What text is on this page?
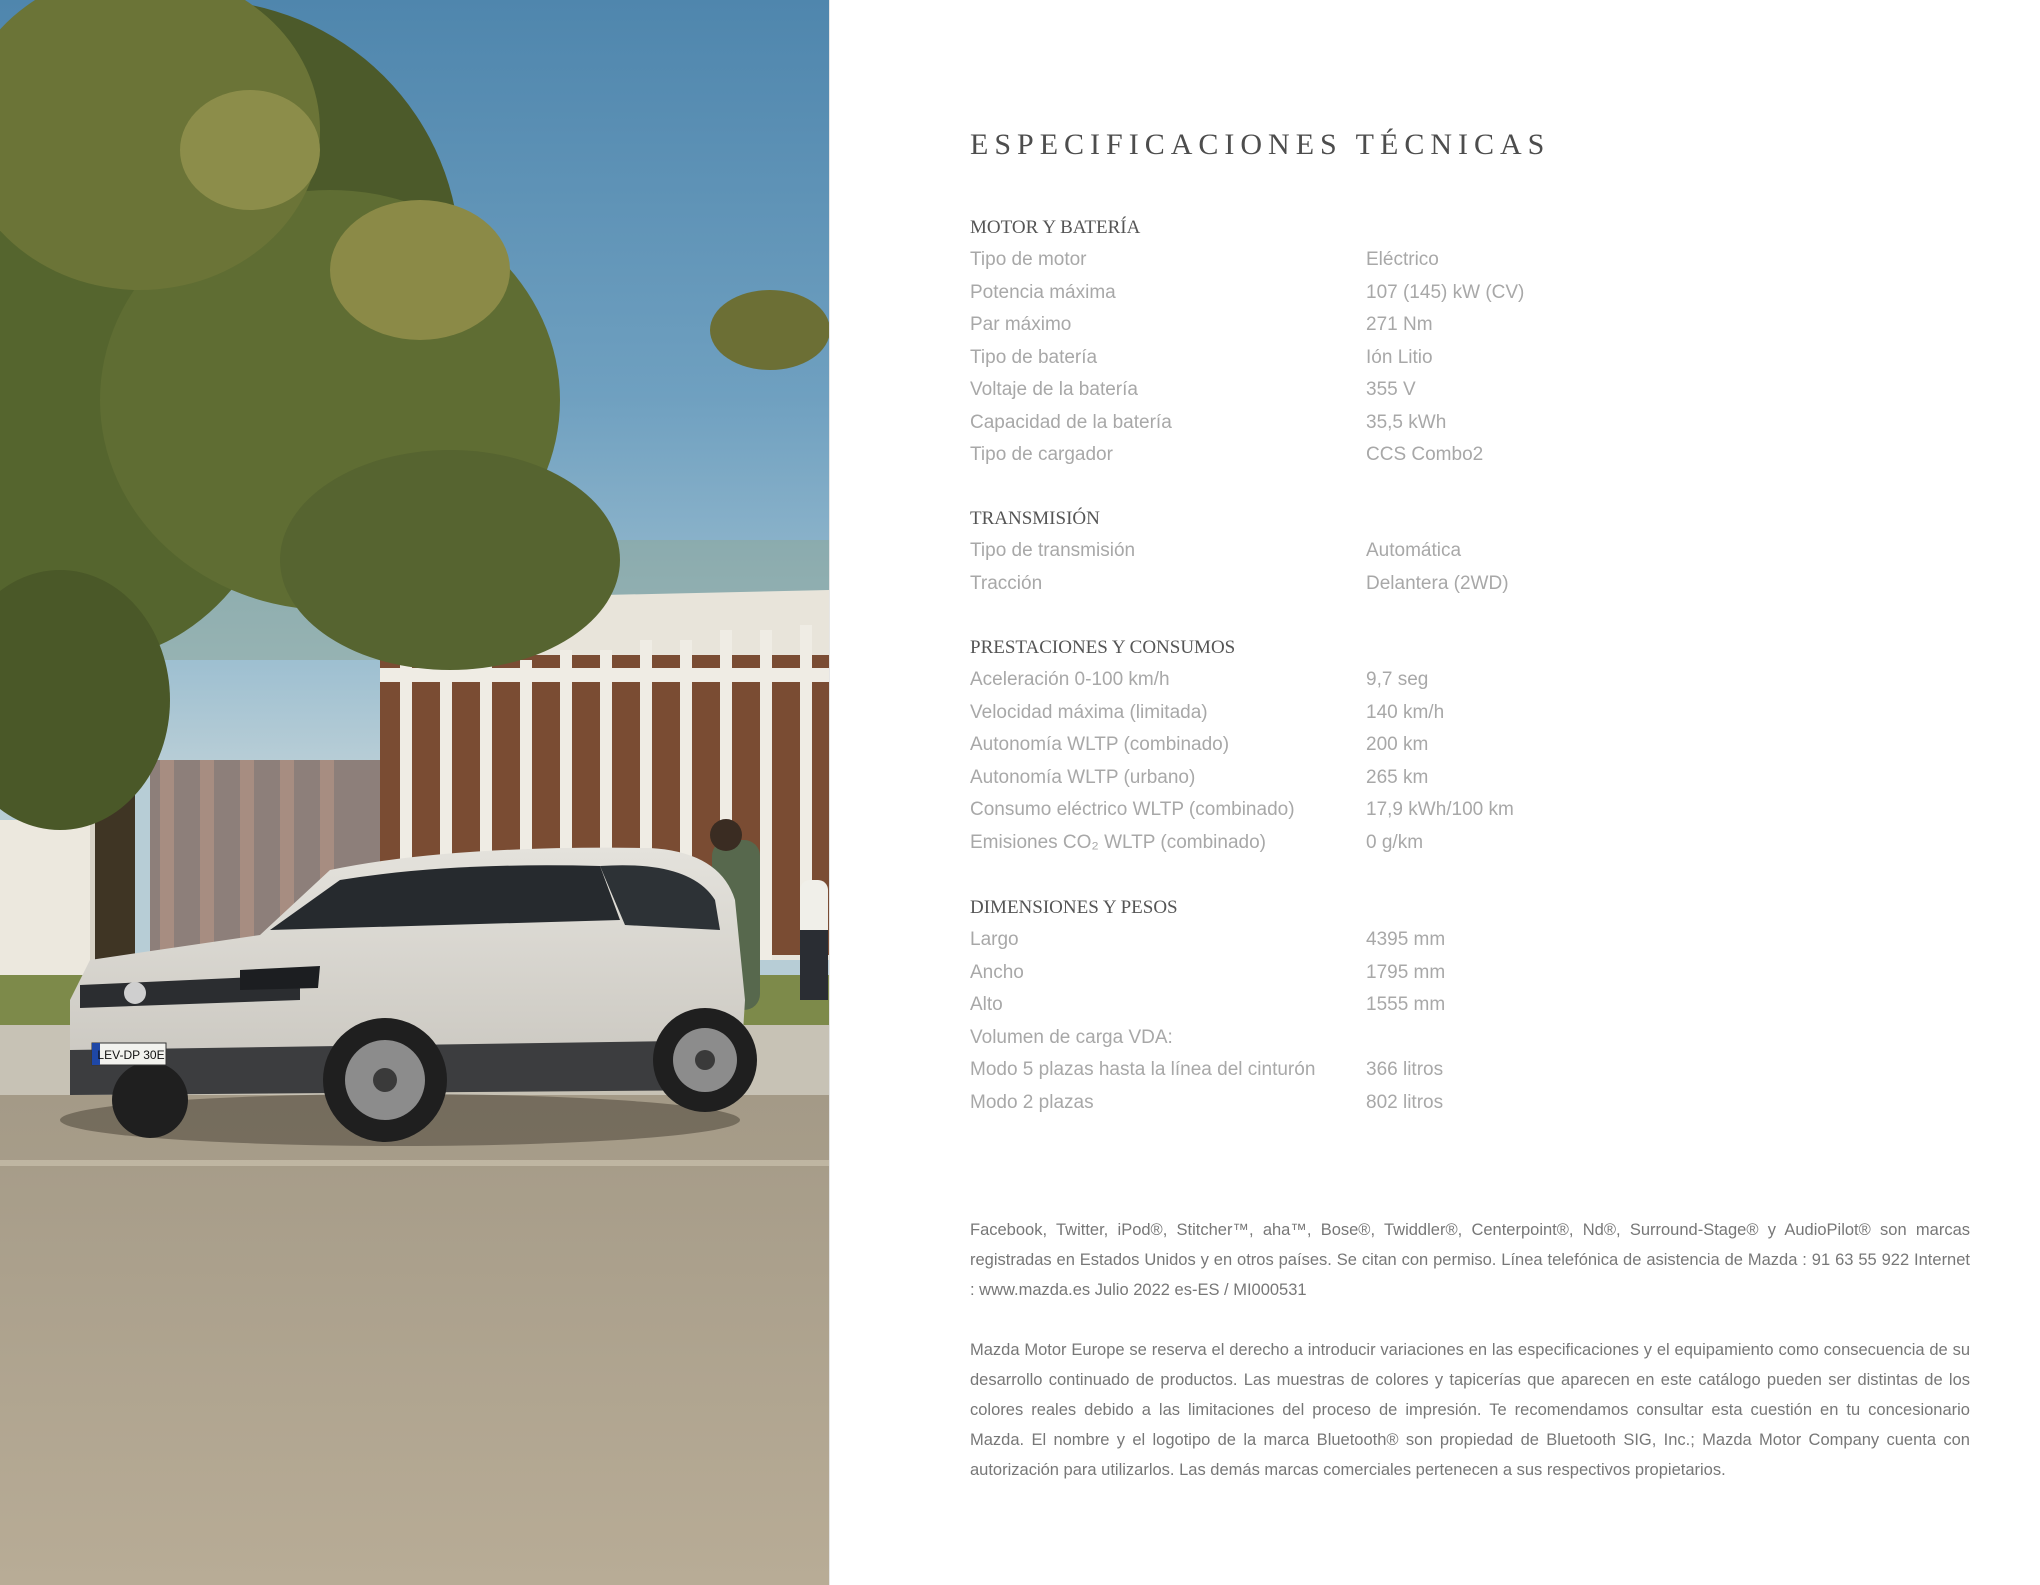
LEV-DP 30E
ESPECIFICACIONES TÉCNICAS
MOTOR Y BATERÍA
Tipo de motor	Eléctrico
Potencia máxima	107 (145) kW (CV)
Par máximo	271 Nm
Tipo de batería	Ión Litio
Voltaje de la batería	355 V
Capacidad de la batería	35,5 kWh
Tipo de cargador	CCS Combo2
TRANSMISIÓN
Tipo de transmisión	Automática
Tracción	Delantera (2WD)
PRESTACIONES Y CONSUMOS
Aceleración 0-100 km/h	9,7 seg
Velocidad máxima (limitada)	140 km/h
Autonomía WLTP (combinado)	200 km
Autonomía WLTP (urbano)	265 km
Consumo eléctrico WLTP (combinado)	17,9 kWh/100 km
Emisiones CO₂ WLTP (combinado)	0 g/km
DIMENSIONES Y PESOS
Largo	4395 mm
Ancho	1795 mm
Alto	1555 mm
Volumen de carga VDA:
Modo 5 plazas hasta la línea del cinturón	366 litros
Modo 2 plazas	802 litros
Facebook, Twitter, iPod®, Stitcher™, aha™, Bose®, Twiddler®, Centerpoint®, Nd®, Surround-Stage® y AudioPilot® son marcas registradas en Estados Unidos y en otros países. Se citan con permiso. Línea telefónica de asistencia de Mazda : 91 63 55 922 Internet : www.mazda.es Julio 2022 es-ES / MI000531
Mazda Motor Europe se reserva el derecho a introducir variaciones en las especificaciones y el equipamiento como consecuencia de su desarrollo continuado de productos. Las muestras de colores y tapicerías que aparecen en este catálogo pueden ser distintas de los colores reales debido a las limitaciones del proceso de impresión. Te recomendamos consultar esta cuestión en tu concesionario Mazda. El nombre y el logotipo de la marca Bluetooth® son propiedad de Bluetooth SIG, Inc.; Mazda Motor Company cuenta con autorización para utilizarlos. Las demás marcas comerciales pertenecen a sus respectivos propietarios.
